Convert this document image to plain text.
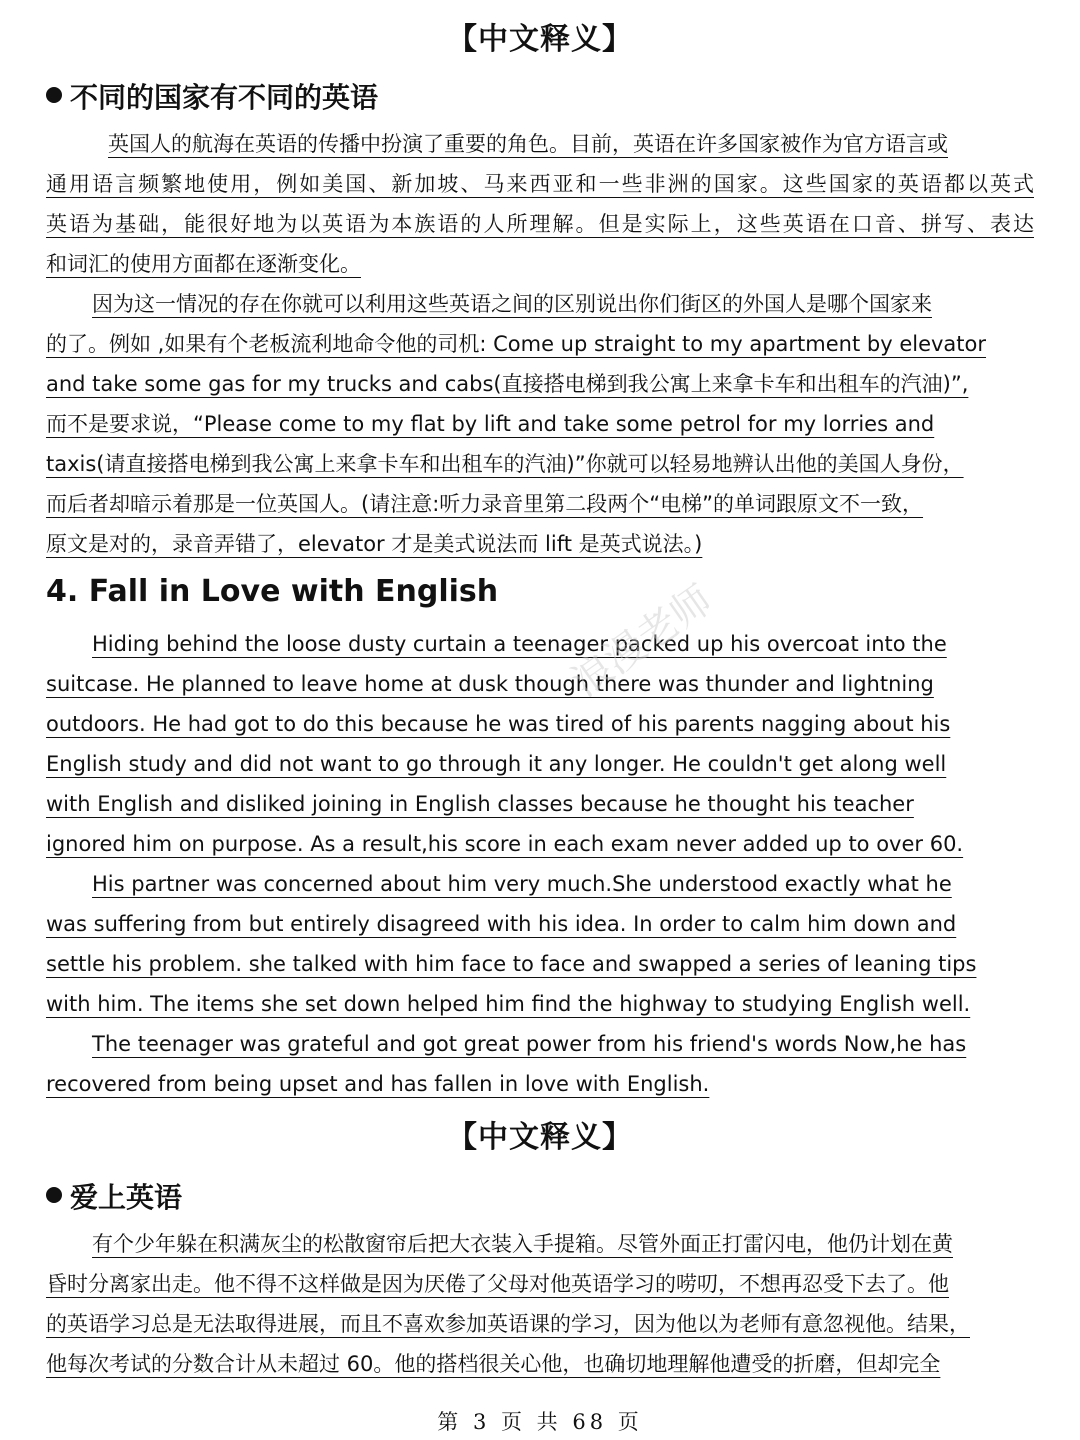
【中文释义】
不同的国家有不同的英语
英国人的航海在英语的传播中扮演了重要的角色。目前，英语在许多国家被作为官方语言或
通用语言频繁地使用，例如美国、新加坡、马来西亚和一些非洲的国家。这些国家的英语都以英式
英语为基础，能很好地为以英语为本族语的人所理解。但是实际上，这些英语在口音、拼写、表达
和词汇的使用方面都在逐渐变化。
因为这一情况的存在你就可以利用这些英语之间的区别说出你们街区的外国人是哪个国家来
的了。例如 ,如果有个老板流利地命令他的司机: Come up straight to my apartment by elevator
and take some gas for my trucks and cabs(直接搭电梯到我公寓上来拿卡车和出租车的汽油)”,
而不是要求说，“Please come to my flat by lift and take some petrol for my lorries and
taxis(请直接搭电梯到我公寓上来拿卡车和出租车的汽油)”你就可以轻易地辨认出他的美国人身份，
而后者却暗示着那是一位英国人。(请注意:听力录音里第二段两个“电梯”的单词跟原文不一致，
原文是对的，录音弄错了，elevator 才是美式说法而 lift 是英式说法。)
4. Fall in Love with English
Hiding behind the loose dusty curtain a teenager packed up his overcoat into the
suitcase. He planned to leave home at dusk though there was thunder and lightning
outdoors. He had got to do this because he was tired of his parents nagging about his
English study and did not want to go through it any longer. He couldn't get along well
with English and disliked joining in English classes because he thought his teacher
ignored him on purpose. As a result,his score in each exam never added up to over 60.
His partner was concerned about him very much.She understood exactly what he
was suffering from but entirely disagreed with his idea. In order to calm him down and
settle his problem. she talked with him face to face and swapped a series of leaning tips
with him. The items she set down helped him find the highway to studying English well.
The teenager was grateful and got great power from his friend's words Now,he has
recovered from being upset and has fallen in love with English.
【中文释义】
爱上英语
有个少年躲在积满灰尘的松散窗帘后把大衣装入手提箱。尽管外面正打雷闪电，他仍计划在黄
昏时分离家出走。他不得不这样做是因为厌倦了父母对他英语学习的唠叨，不想再忍受下去了。他
的英语学习总是无法取得进展，而且不喜欢参加英语课的学习，因为他以为老师有意忽视他。结果，
他每次考试的分数合计从未超过 60。他的搭档很关心他，也确切地理解他遭受的折磨，但却完全
浪漫老师
第 3 页 共 68 页
